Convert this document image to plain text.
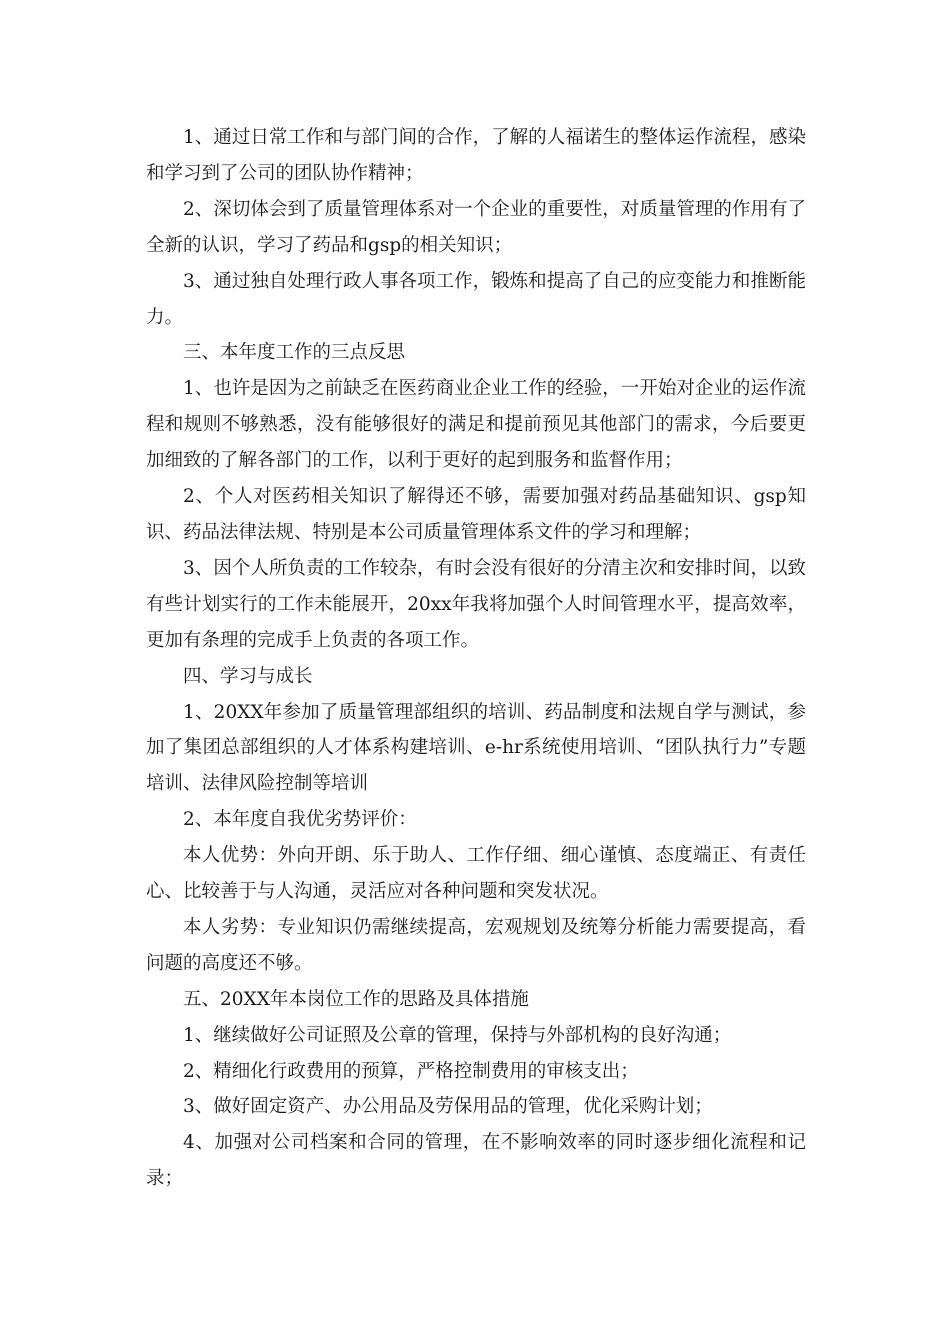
1、通过日常工作和与部门间的合作，了解的人福诺生的整体运作流程，感染和学习到了公司的团队协作精神；

2、深切体会到了质量管理体系对一个企业的重要性，对质量管理的作用有了全新的认识，学习了药品和gsp的相关知识；

3、通过独自处理行政人事各项工作，锻炼和提高了自己的应变能力和推断能力。

三、本年度工作的三点反思

1、也许是因为之前缺乏在医药商业企业工作的经验，一开始对企业的运作流程和规则不够熟悉，没有能够很好的满足和提前预见其他部门的需求，今后要更加细致的了解各部门的工作，以利于更好的起到服务和监督作用；

2、个人对医药相关知识了解得还不够，需要加强对药品基础知识、gsp知识、药品法律法规、特别是本公司质量管理体系文件的学习和理解；

3、因个人所负责的工作较杂，有时会没有很好的分清主次和安排时间，以致有些计划实行的工作未能展开，20xx年我将加强个人时间管理水平，提高效率，更加有条理的完成手上负责的各项工作。

四、学习与成长

1、20XX年参加了质量管理部组织的培训、药品制度和法规自学与测试，参加了集团总部组织的人才体系构建培训、e-hr系统使用培训、“团队执行力”专题培训、法律风险控制等培训

2、本年度自我优劣势评价：

本人优势：外向开朗、乐于助人、工作仔细、细心谨慎、态度端正、有责任心、比较善于与人沟通，灵活应对各种问题和突发状况。

本人劣势：专业知识仍需继续提高，宏观规划及统筹分析能力需要提高，看问题的高度还不够。

五、20XX年本岗位工作的思路及具体措施

1、继续做好公司证照及公章的管理，保持与外部机构的良好沟通；

2、精细化行政费用的预算，严格控制费用的审核支出；

3、做好固定资产、办公用品及劳保用品的管理，优化采购计划；

4、加强对公司档案和合同的管理，在不影响效率的同时逐步细化流程和记录；
